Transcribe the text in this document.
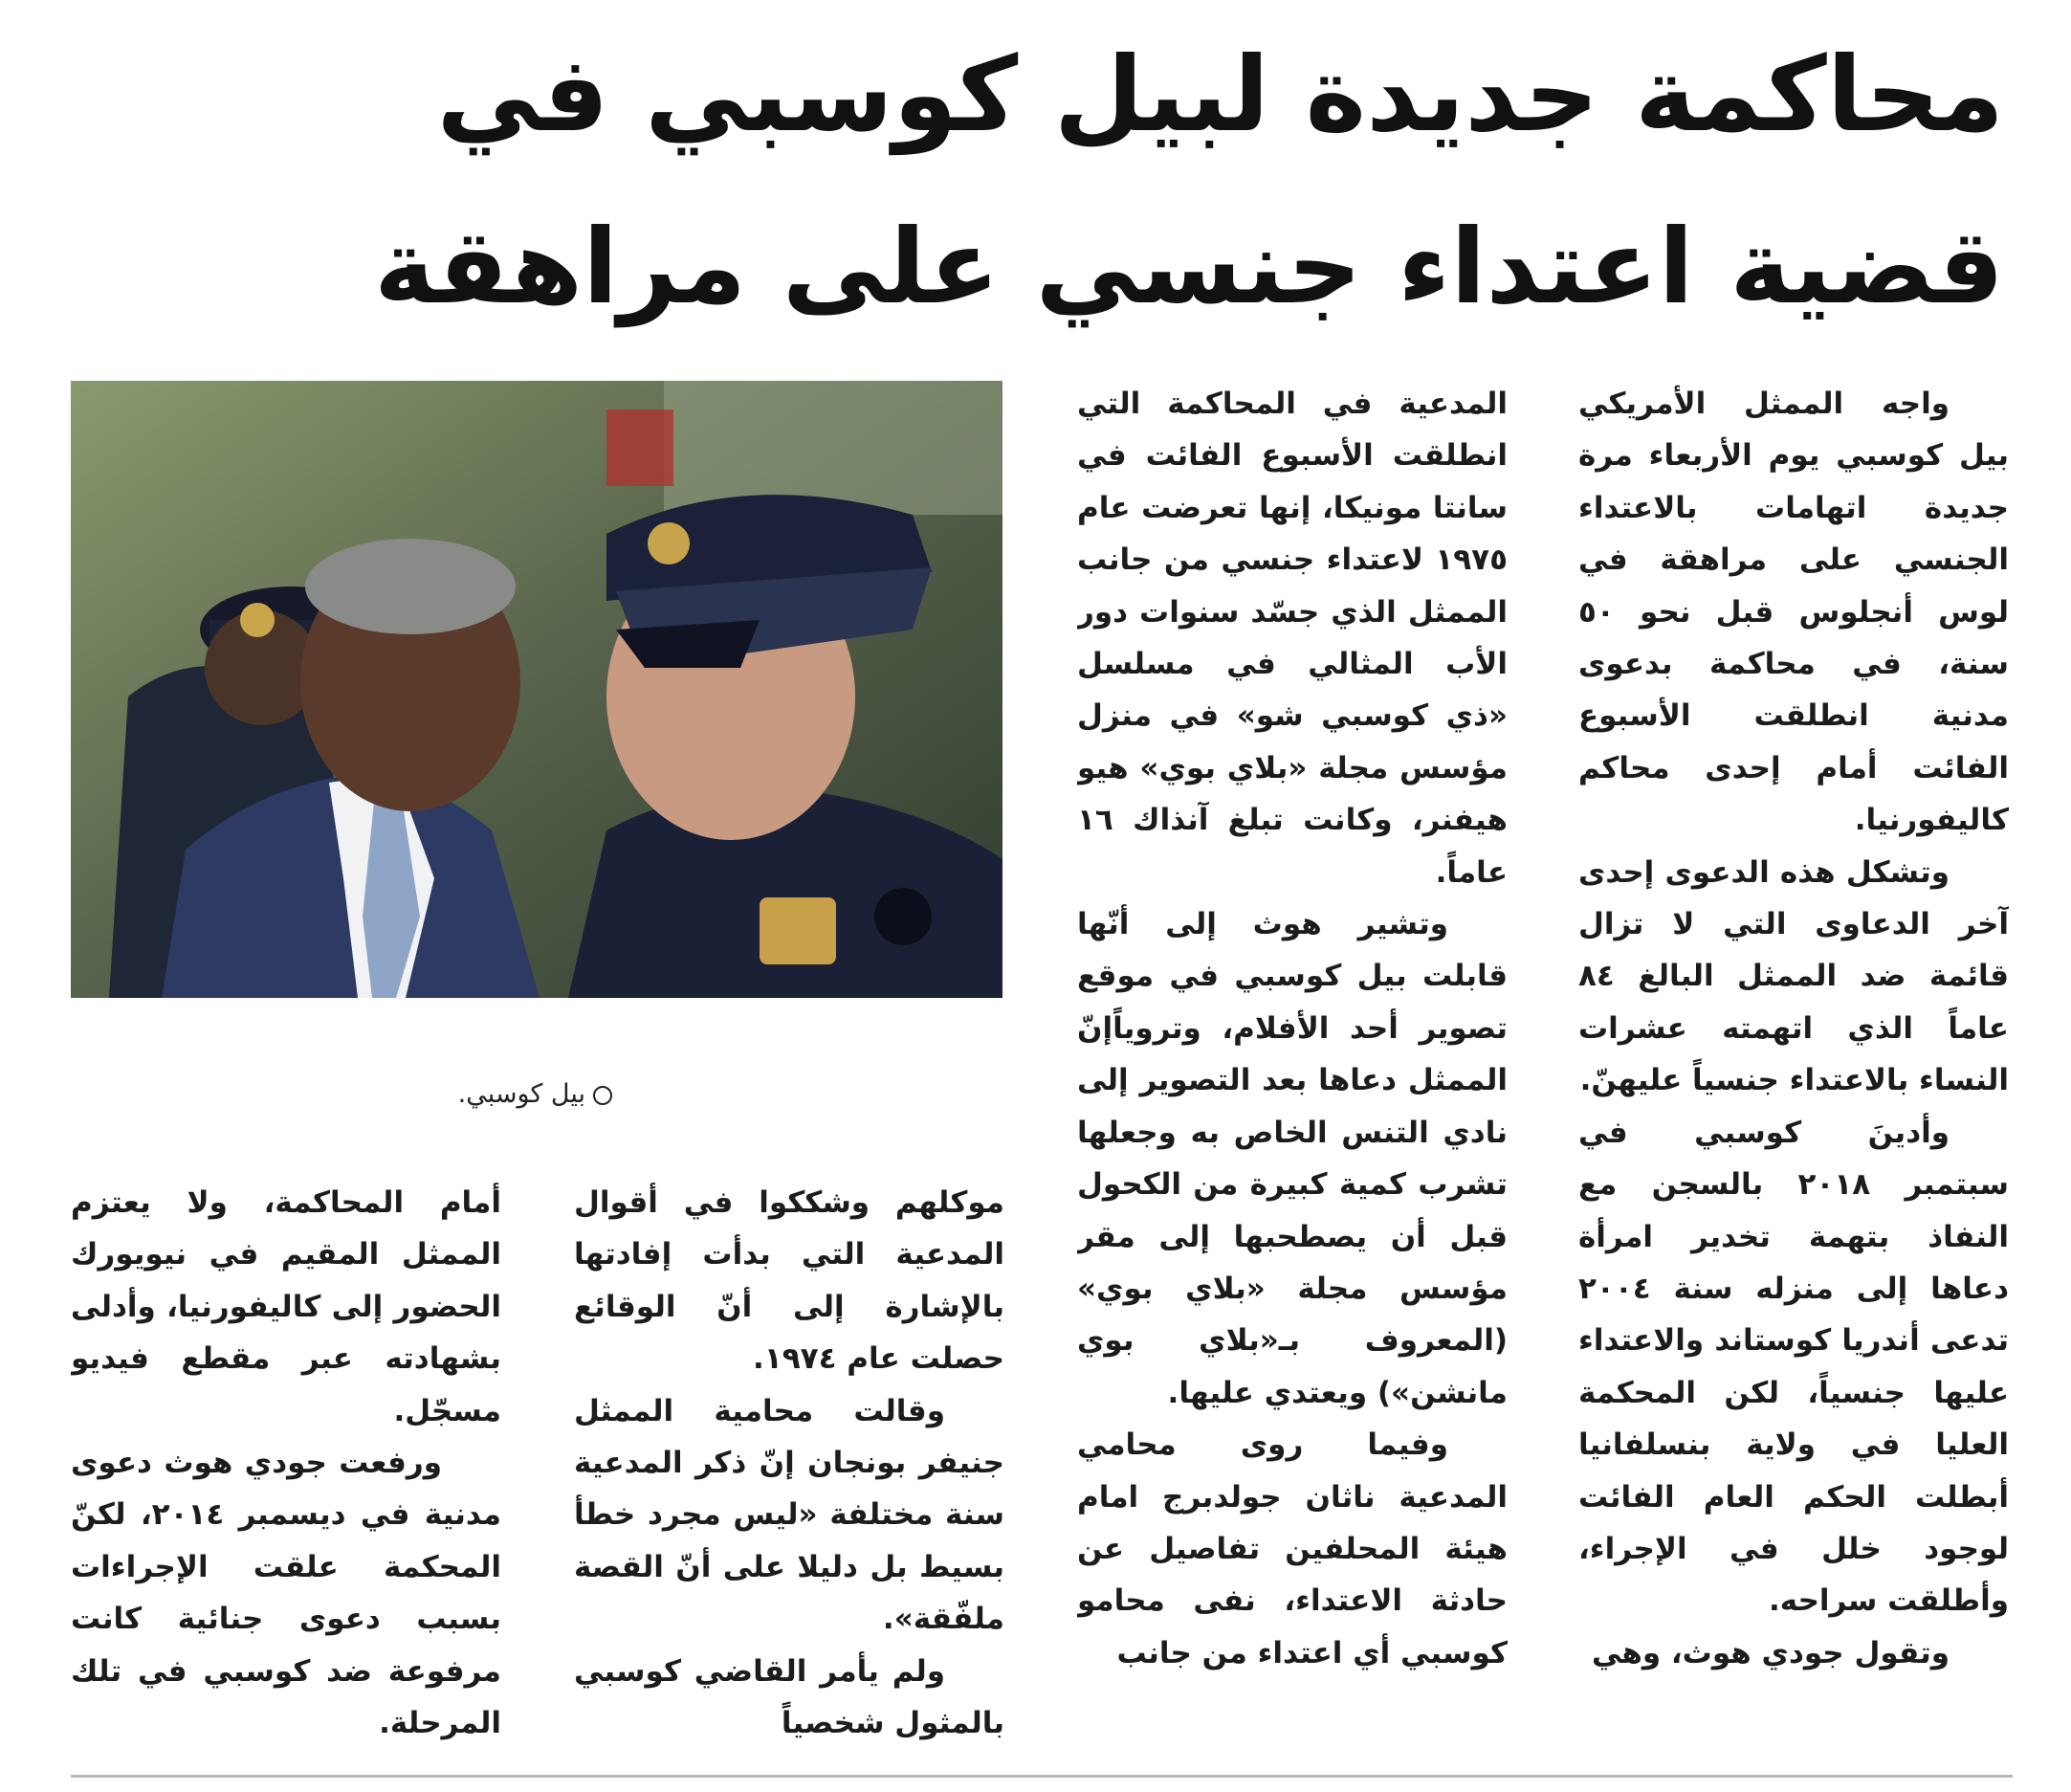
محاكمة جديدة لبيل كوسبي في
قضية اعتداء جنسي على مراهقة

واجه الممثل الأمريكي بيل كوسبي يوم الأربعاء مرة جديدة اتهامات بالاعتداء الجنسي على مراهقة في لوس أنجلوس قبل نحو ٥٠ سنة، في محاكمة بدعوى مدنية انطلقت الأسبوع الفائت أمام إحدى محاكم كاليفورنيا.

وتشكل هذه الدعوى إحدى آخر الدعاوى التي لا تزال قائمة ضد الممثل البالغ ٨٤ عاماً الذي اتهمته عشرات النساء بالاعتداء جنسياً عليهنّ.

وأدينَ كوسبي في سبتمبر ٢٠١٨ بالسجن مع النفاذ بتهمة تخدير امرأة دعاها إلى منزله سنة ٢٠٠٤ تدعى أندريا كوستاند والاعتداء عليها جنسياً، لكن المحكمة العليا في ولاية بنسلفانيا أبطلت الحكم العام الفائت لوجود خلل في الإجراء، وأطلقت سراحه.

وتقول جودي هوث، وهي

المدعية في المحاكمة التي انطلقت الأسبوع الفائت في سانتا مونيكا، إنها تعرضت عام ١٩٧٥ لاعتداء جنسي من جانب الممثل الذي جسّد سنوات دور الأب المثالي في مسلسل «ذي كوسبي شو» في منزل مؤسس مجلة «بلاي بوي» هيو هيفنر، وكانت تبلغ آنذاك ١٦ عاماً.

وتشير هوث إلى أنّها قابلت بيل كوسبي في موقع تصوير أحد الأفلام، وتروياًإنّ الممثل دعاها بعد التصوير إلى نادي التنس الخاص به وجعلها تشرب كمية كبيرة من الكحول قبل أن يصطحبها إلى مقر مؤسس مجلة «بلاي بوي» (المعروف بـ«بلاي بوي مانشن») ويعتدي عليها.

وفيما روى محامي المدعية ناثان جولدبرج امام هيئة المحلفين تفاصيل عن حادثة الاعتداء، نفى محامو كوسبي أي اعتداء من جانب

بيل كوسبي.

موكلهم وشككوا في أقوال المدعية التي بدأت إفادتها بالإشارة إلى أنّ الوقائع حصلت عام ١٩٧٤.

وقالت محامية الممثل جنيفر بونجان إنّ ذكر المدعية سنة مختلفة «ليس مجرد خطأ بسيط بل دليلا على أنّ القصة ملفّقة».

ولم يأمر القاضي كوسبي بالمثول شخصياً

أمام المحاكمة، ولا يعتزم الممثل المقيم في نيويورك الحضور إلى كاليفورنيا، وأدلى بشهادته عبر مقطع فيديو مسجّل.

ورفعت جودي هوث دعوى مدنية في ديسمبر ٢٠١٤، لكنّ المحكمة علقت الإجراءات بسبب دعوى جنائية كانت مرفوعة ضد كوسبي في تلك المرحلة.
